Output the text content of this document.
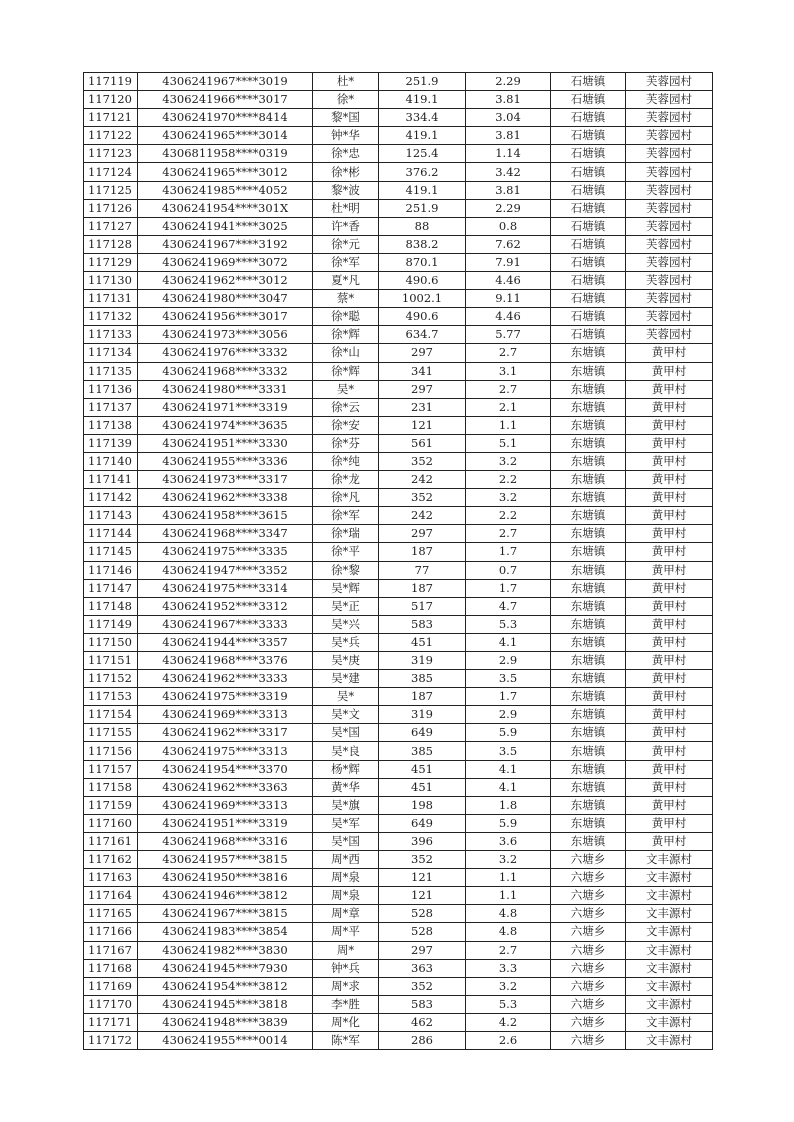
117119	4306241967****3019	杜*	251.9	2.29	石塘镇	芙蓉园村
117120	4306241966****3017	徐*	419.1	3.81	石塘镇	芙蓉园村
117121	4306241970****8414	黎*国	334.4	3.04	石塘镇	芙蓉园村
117122	4306241965****3014	钟*华	419.1	3.81	石塘镇	芙蓉园村
117123	4306811958****0319	徐*忠	125.4	1.14	石塘镇	芙蓉园村
117124	4306241965****3012	徐*彬	376.2	3.42	石塘镇	芙蓉园村
117125	4306241985****4052	黎*波	419.1	3.81	石塘镇	芙蓉园村
117126	4306241954****301X	杜*明	251.9	2.29	石塘镇	芙蓉园村
117127	4306241941****3025	许*香	88	0.8	石塘镇	芙蓉园村
117128	4306241967****3192	徐*元	838.2	7.62	石塘镇	芙蓉园村
117129	4306241969****3072	徐*军	870.1	7.91	石塘镇	芙蓉园村
117130	4306241962****3012	夏*凡	490.6	4.46	石塘镇	芙蓉园村
117131	4306241980****3047	蔡*	1002.1	9.11	石塘镇	芙蓉园村
117132	4306241956****3017	徐*聪	490.6	4.46	石塘镇	芙蓉园村
117133	4306241973****3056	徐*辉	634.7	5.77	石塘镇	芙蓉园村
117134	4306241976****3332	徐*山	297	2.7	东塘镇	黄甲村
117135	4306241968****3332	徐*辉	341	3.1	东塘镇	黄甲村
117136	4306241980****3331	吴*	297	2.7	东塘镇	黄甲村
117137	4306241971****3319	徐*云	231	2.1	东塘镇	黄甲村
117138	4306241974****3635	徐*安	121	1.1	东塘镇	黄甲村
117139	4306241951****3330	徐*芬	561	5.1	东塘镇	黄甲村
117140	4306241955****3336	徐*纯	352	3.2	东塘镇	黄甲村
117141	4306241973****3317	徐*龙	242	2.2	东塘镇	黄甲村
117142	4306241962****3338	徐*凡	352	3.2	东塘镇	黄甲村
117143	4306241958****3615	徐*军	242	2.2	东塘镇	黄甲村
117144	4306241968****3347	徐*瑞	297	2.7	东塘镇	黄甲村
117145	4306241975****3335	徐*平	187	1.7	东塘镇	黄甲村
117146	4306241947****3352	徐*黎	77	0.7	东塘镇	黄甲村
117147	4306241975****3314	吴*辉	187	1.7	东塘镇	黄甲村
117148	4306241952****3312	吴*正	517	4.7	东塘镇	黄甲村
117149	4306241967****3333	吴*兴	583	5.3	东塘镇	黄甲村
117150	4306241944****3357	吴*兵	451	4.1	东塘镇	黄甲村
117151	4306241968****3376	吴*庚	319	2.9	东塘镇	黄甲村
117152	4306241962****3333	吴*建	385	3.5	东塘镇	黄甲村
117153	4306241975****3319	吴*	187	1.7	东塘镇	黄甲村
117154	4306241969****3313	吴*文	319	2.9	东塘镇	黄甲村
117155	4306241962****3317	吴*国	649	5.9	东塘镇	黄甲村
117156	4306241975****3313	吴*良	385	3.5	东塘镇	黄甲村
117157	4306241954****3370	杨*辉	451	4.1	东塘镇	黄甲村
117158	4306241962****3363	黄*华	451	4.1	东塘镇	黄甲村
117159	4306241969****3313	吴*旗	198	1.8	东塘镇	黄甲村
117160	4306241951****3319	吴*军	649	5.9	东塘镇	黄甲村
117161	4306241968****3316	吴*国	396	3.6	东塘镇	黄甲村
117162	4306241957****3815	周*西	352	3.2	六塘乡	文丰源村
117163	4306241950****3816	周*泉	121	1.1	六塘乡	文丰源村
117164	4306241946****3812	周*泉	121	1.1	六塘乡	文丰源村
117165	4306241967****3815	周*章	528	4.8	六塘乡	文丰源村
117166	4306241983****3854	周*平	528	4.8	六塘乡	文丰源村
117167	4306241982****3830	周*	297	2.7	六塘乡	文丰源村
117168	4306241945****7930	钟*兵	363	3.3	六塘乡	文丰源村
117169	4306241954****3812	周*求	352	3.2	六塘乡	文丰源村
117170	4306241945****3818	李*胜	583	5.3	六塘乡	文丰源村
117171	4306241948****3839	周*化	462	4.2	六塘乡	文丰源村
117172	4306241955****0014	陈*军	286	2.6	六塘乡	文丰源村
